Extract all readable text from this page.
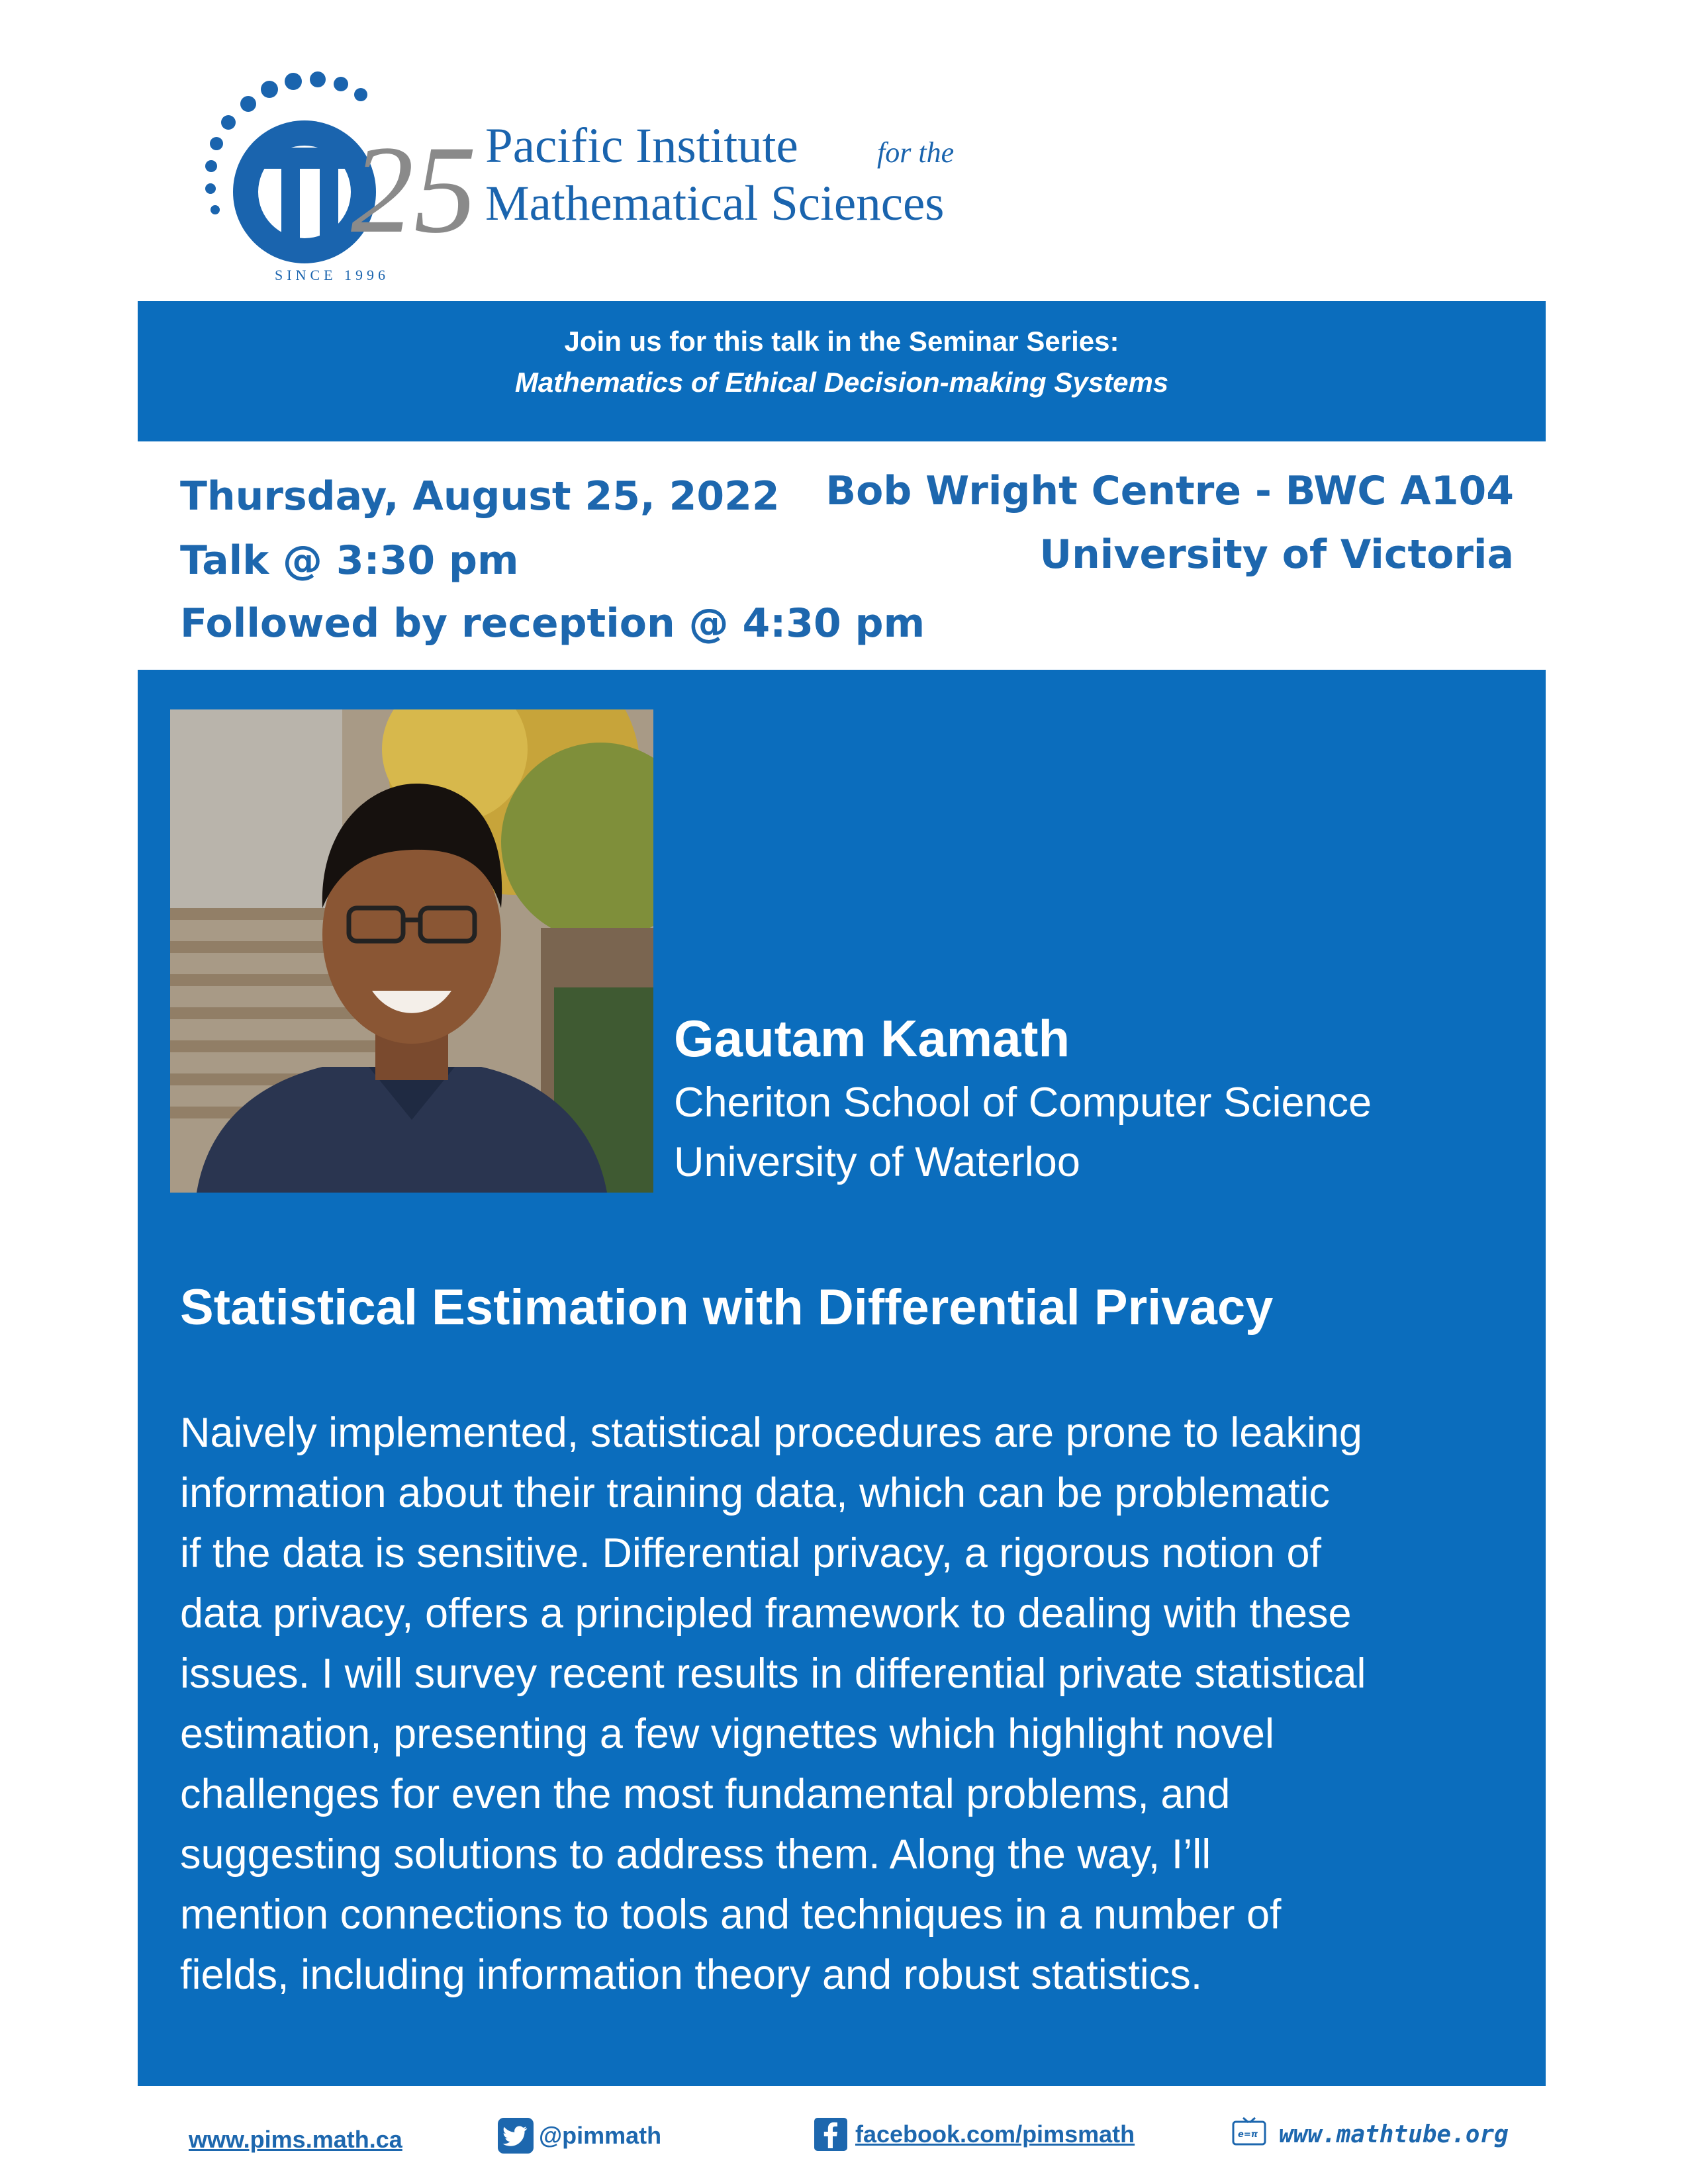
25
SINCE 1996
Pacific Institute	for the
Mathematical Sciences
Join us for this talk in the Seminar Series:
Mathematics of Ethical Decision-making Systems
Thursday, August 25, 2022
Talk @ 3:30 pm
Followed by reception @ 4:30 pm
Bob Wright Centre - BWC A104
University of Victoria
Gautam Kamath
Cheriton School of Computer Science
University of Waterloo
Statistical Estimation with Differential Privacy

Naively implemented, statistical procedures are prone to leaking

information about their training data, which can be problematic

if the data is sensitive. Differential privacy, a rigorous notion of

data privacy, offers a principled framework to dealing with these

issues. I will survey recent results in differential private statistical

estimation, presenting a few vignettes which highlight novel

challenges for even the most fundamental problems, and

suggesting solutions to address them. Along the way, I’ll

mention connections to tools and techniques in a number of

fields, including information theory and robust statistics.

www.pims.math.ca	@pimmath	facebook.com/pimsmath	e=π www.mathtube.org
